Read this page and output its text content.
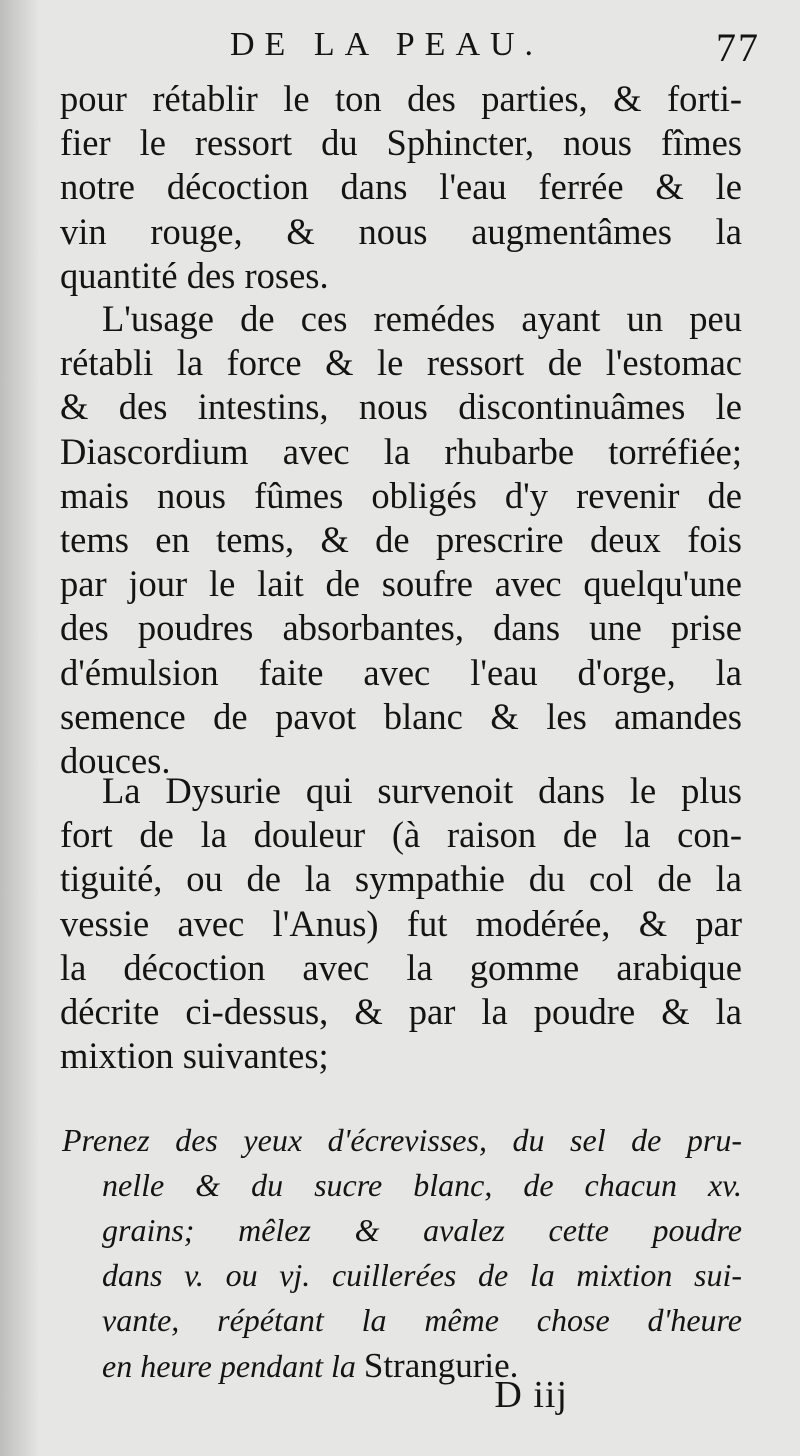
DE LA PEAU.	77
pour rétablir le ton des parties, & forti-
fier le ressort du Sphincter, nous fîmes
notre décoction dans l'eau ferrée & le
vin rouge, & nous augmentâmes la
quantité des roses.
L'usage de ces remédes ayant un peu
rétabli la force & le ressort de l'estomac
& des intestins, nous discontinuâmes le
Diascordium avec la rhubarbe torréfiée;
mais nous fûmes obligés d'y revenir de
tems en tems, & de prescrire deux fois
par jour le lait de soufre avec quelqu'une
des poudres absorbantes, dans une prise
d'émulsion faite avec l'eau d'orge, la
semence de pavot blanc & les amandes
douces.
La Dysurie qui survenoit dans le plus
fort de la douleur (à raison de la con-
tiguité, ou de la sympathie du col de la
vessie avec l'Anus) fut modérée, & par
la décoction avec la gomme arabique
décrite ci-dessus, & par la poudre & la
mixtion suivantes;
Prenez des yeux d'écrevisses, du sel de pru-
nelle & du sucre blanc, de chacun xv.
grains; mêlez & avalez cette poudre
dans v. ou vj. cuillerées de la mixtion sui-
vante, répétant la même chose d'heure
en heure pendant la Strangurie.
D iij
